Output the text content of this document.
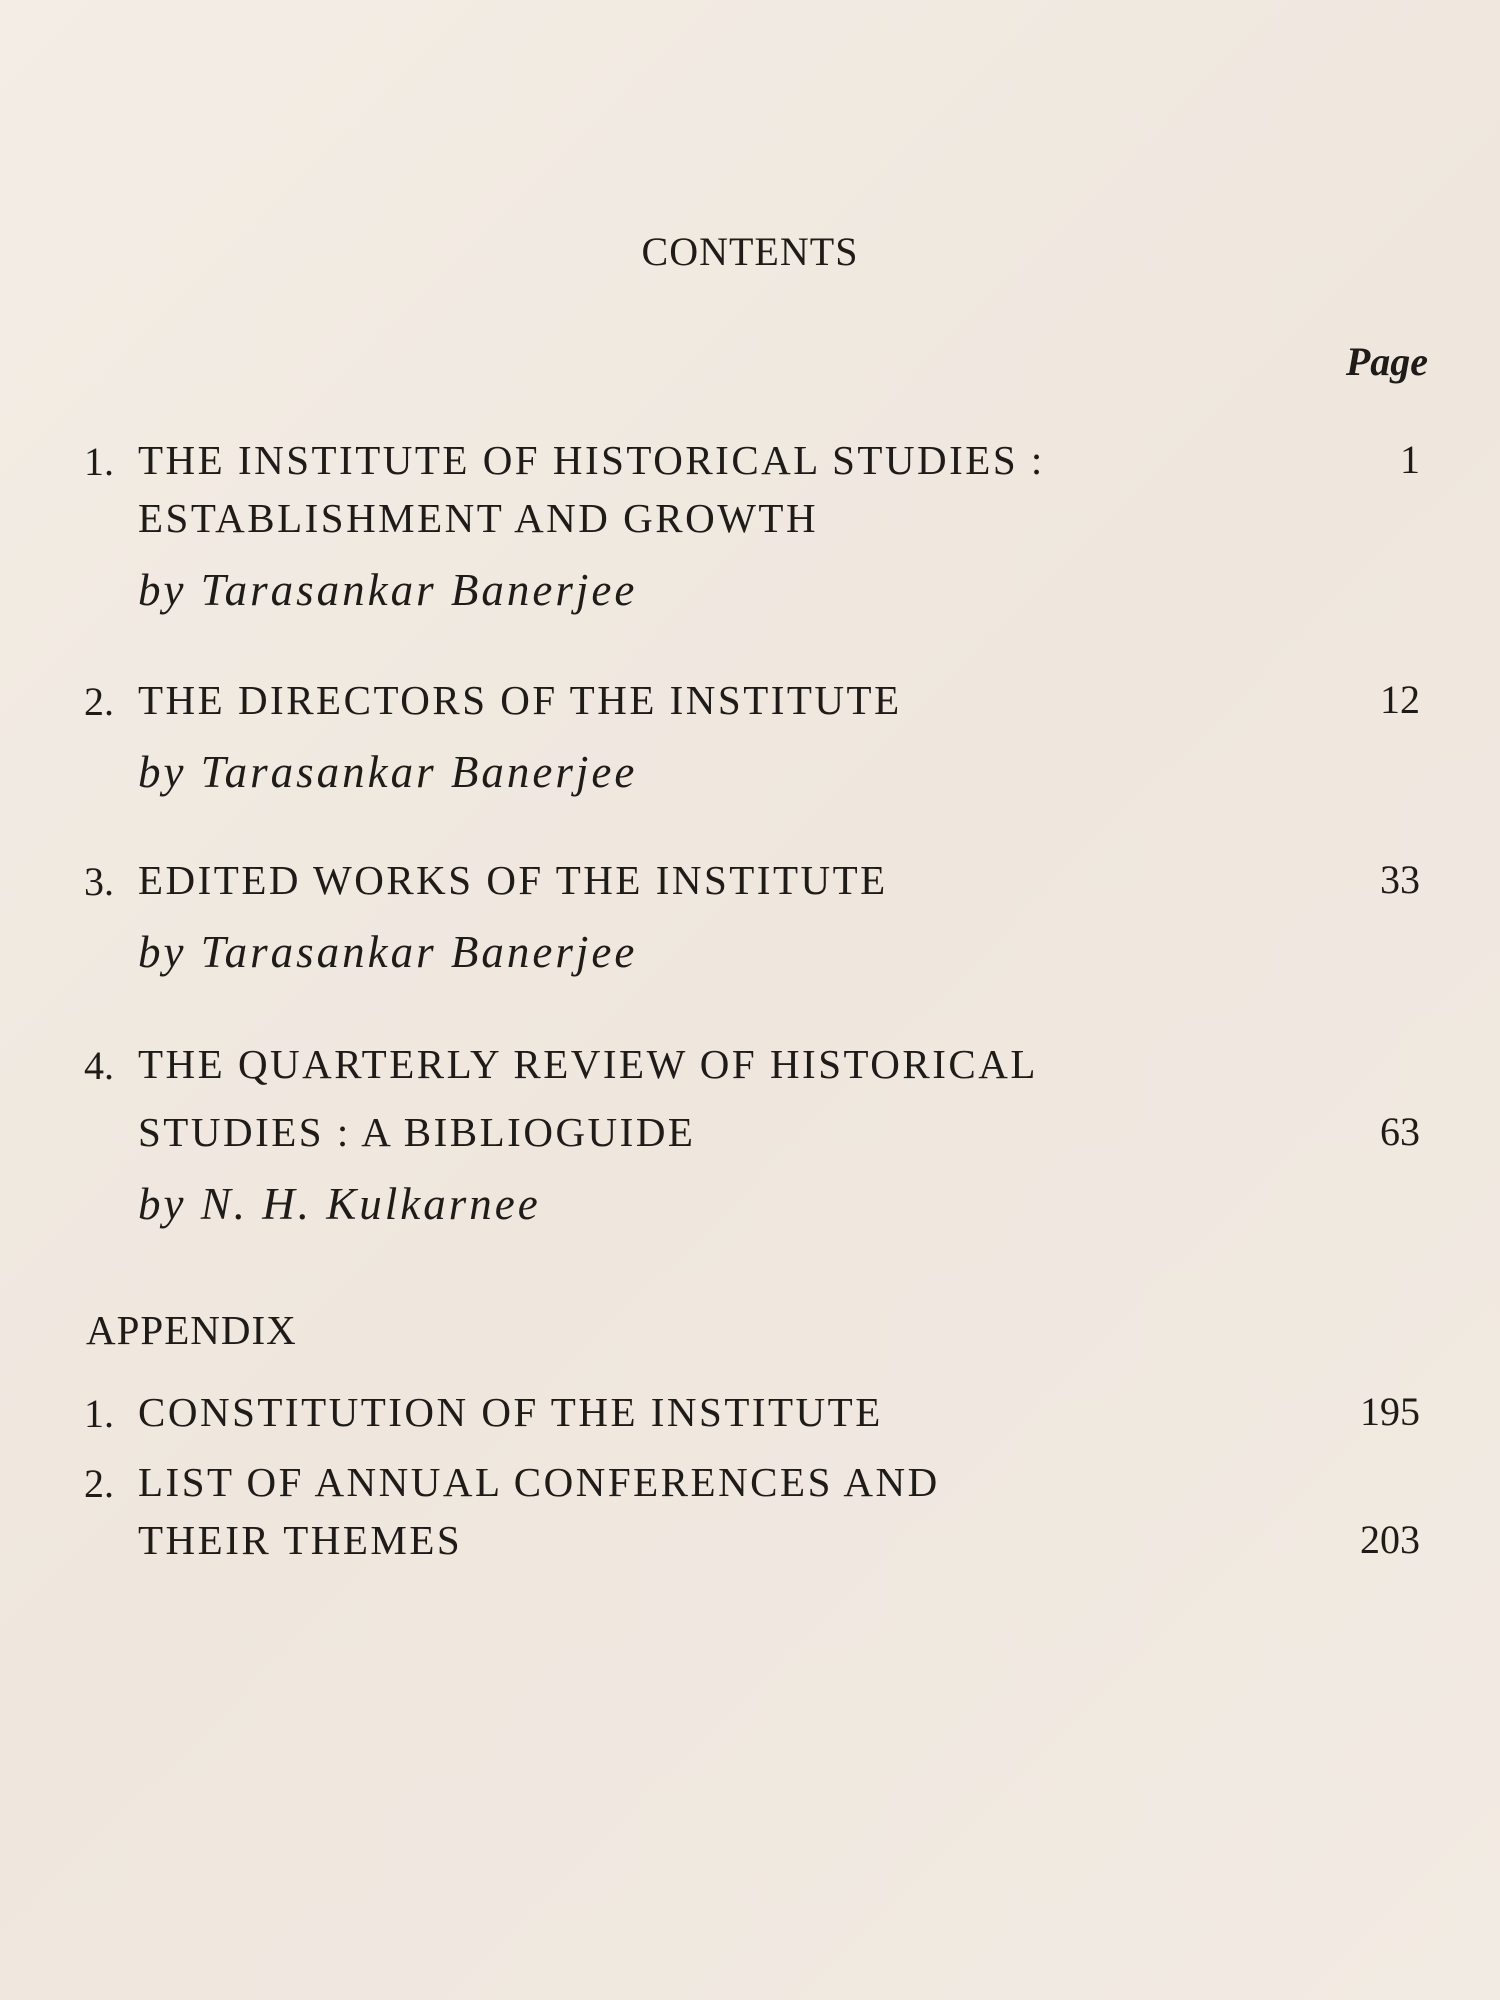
CONTENTS
Page
1. THE INSTITUTE OF HISTORICAL STUDIES :
ESTABLISHMENT AND GROWTH
by Tarasankar Banerjee
1
2. THE DIRECTORS OF THE INSTITUTE
by Tarasankar Banerjee
12
3. EDITED WORKS OF THE INSTITUTE
by Tarasankar Banerjee
33
4. THE QUARTERLY REVIEW OF HISTORICAL
STUDIES : A BIBLIOGUIDE
by N. H. Kulkarnee
63
APPENDIX
1. CONSTITUTION OF THE INSTITUTE	195
2. LIST OF ANNUAL CONFERENCES AND
THEIR THEMES	203
